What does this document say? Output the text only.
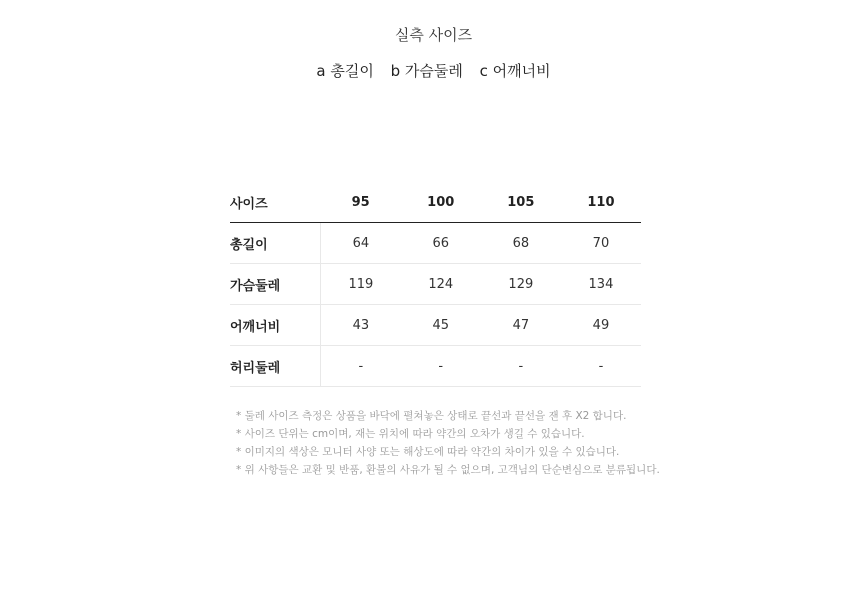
실측 사이즈
a 총길이 b 가슴둘레 c 어깨너비
사이즈	95	100	105	110
총길이	64	66	68	70
가슴둘레	119	124	129	134
어깨너비	43	45	47	49
허리둘레	-	-	-	-
* 둘레 사이즈 측정은 상품을 바닥에 펼쳐놓은 상태로 끝선과 끝선을 잰 후 X2 합니다.
* 사이즈 단위는 cm이며, 재는 위치에 따라 약간의 오차가 생길 수 있습니다.
* 이미지의 색상은 모니터 사양 또는 해상도에 따라 약간의 차이가 있을 수 있습니다.
* 위 사항들은 교환 및 반품, 환불의 사유가 될 수 없으며, 고객님의 단순변심으로 분류됩니다.
